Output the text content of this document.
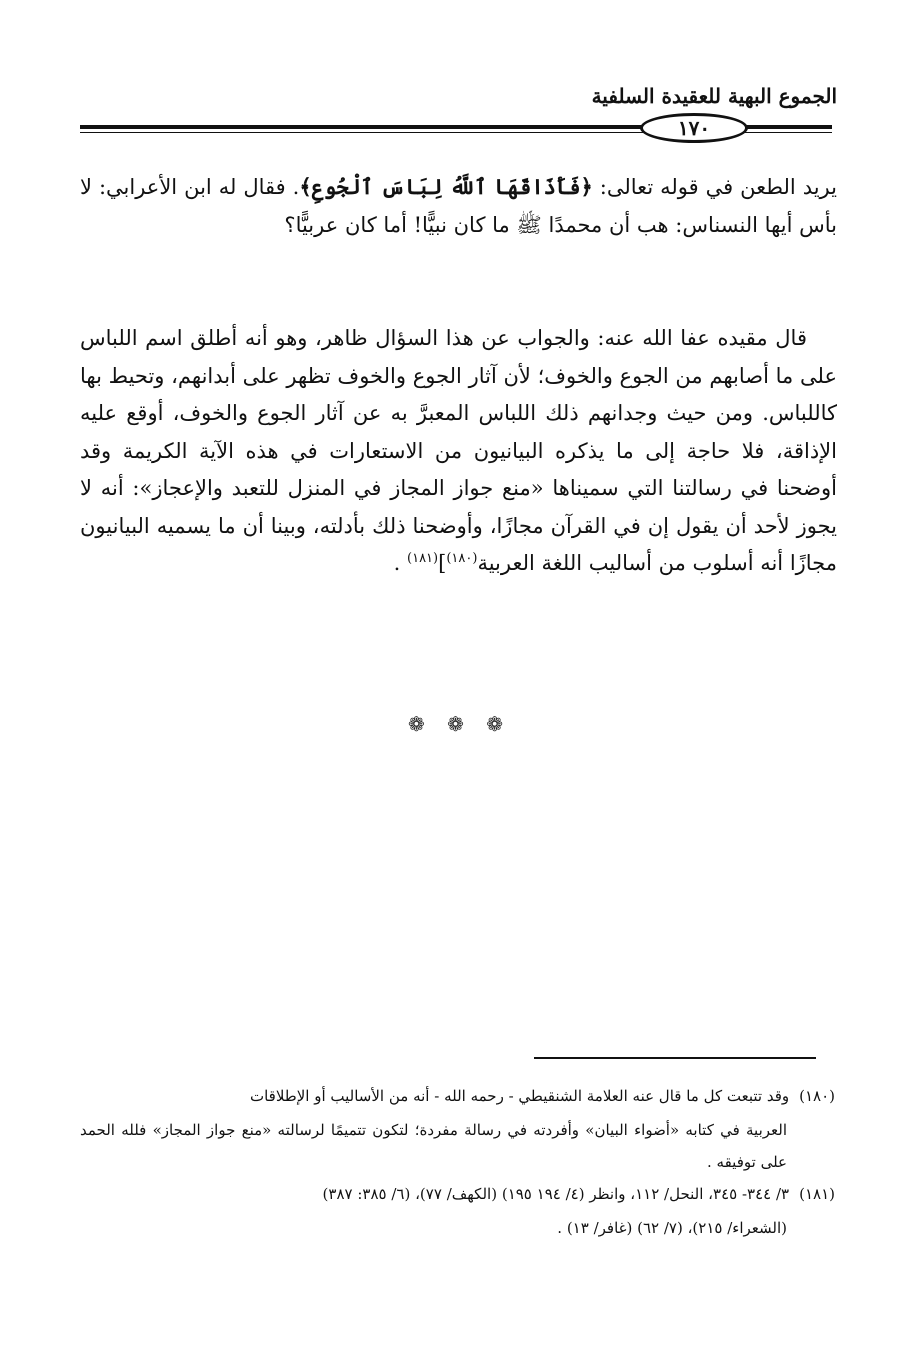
الجموع البهية للعقيدة السلفية
١٧٠

يريد الطعن في قوله تعالى: ﴿فَأَذَاقَهَا ٱللَّهُ لِبَاسَ ٱلْجُوعِ﴾. فقال له ابن الأعرابي: لا بأس أيها النسناس: هب أن محمدًا ﷺ ما كان نبيًّا! أما كان عربيًّا؟

قال مقيده عفا الله عنه: والجواب عن هذا السؤال ظاهر، وهو أنه أطلق اسم اللباس على ما أصابهم من الجوع والخوف؛ لأن آثار الجوع والخوف تظهر على أبدانهم، وتحيط بها كاللباس. ومن حيث وجدانهم ذلك اللباس المعبرَّ به عن آثار الجوع والخوف، أوقع عليه الإذاقة، فلا حاجة إلى ما يذكره البيانيون من الاستعارات في هذه الآية الكريمة وقد أوضحنا في رسالتنا التي سميناها «منع جواز المجاز في المنزل للتعبد والإعجاز»: أنه لا يجوز لأحد أن يقول إن في القرآن مجازًا، وأوضحنا ذلك بأدلته، وبينا أن ما يسميه البيانيون مجازًا أنه أسلوب من أساليب اللغة العربية$^{(١٨٠)}$]$^{(١٨١)}$ .

❁ ❁ ❁

(١٨٠)وقد تتبعت كل ما قال عنه العلامة الشنقيطي - رحمه الله - أنه من الأساليب أو الإطلاقات

العربية في كتابه «أضواء البيان» وأفردته في رسالة مفردة؛ لتكون تتميمًا لرسالته «منع جواز المجاز» فلله الحمد على توفيقه .

(١٨١)٣/ ٣٤٤- ٣٤٥، النحل/ ١١٢، وانظر (٤/ ١٩٤ ١٩٥) (الكهف/ ٧٧)، (٦/ ٣٨٥: ٣٨٧)

(الشعراء/ ٢١٥)، (٧/ ٦٢) (غافر/ ١٣) .
